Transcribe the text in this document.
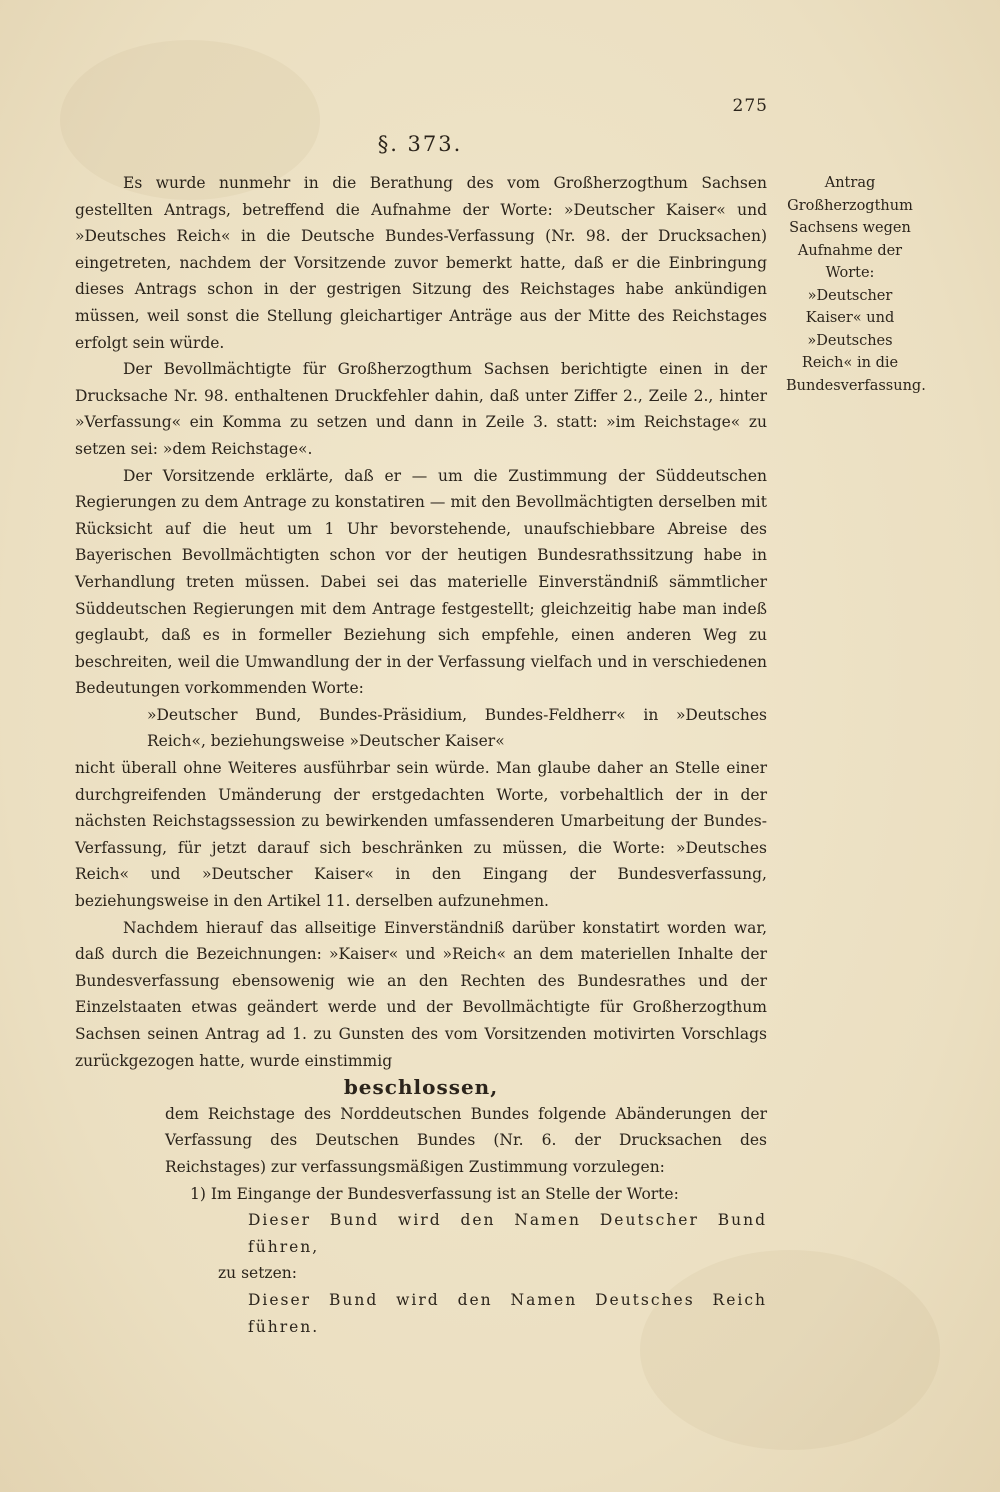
275
§. 373.
Antrag Großherzogthum Sachsens wegen Aufnahme der Worte: »Deutscher Kaiser« und »Deutsches Reich« in die Bundesverfassung.

Es wurde nunmehr in die Berathung des vom Großherzogthum Sachsen gestellten Antrags, betreffend die Aufnahme der Worte: »Deutscher Kaiser« und »Deutsches Reich« in die Deutsche Bundes-Verfassung (Nr. 98. der Drucksachen) eingetreten, nachdem der Vorsitzende zuvor bemerkt hatte, daß er die Einbringung dieses Antrags schon in der gestrigen Sitzung des Reichstages habe ankündigen müssen, weil sonst die Stellung gleichartiger Anträge aus der Mitte des Reichstages erfolgt sein würde.

Der Bevollmächtigte für Großherzogthum Sachsen berichtigte einen in der Drucksache Nr. 98. enthaltenen Druckfehler dahin, daß unter Ziffer 2., Zeile 2., hinter »Verfassung« ein Komma zu setzen und dann in Zeile 3. statt: »im Reichstage« zu setzen sei: »dem Reichstage«.

Der Vorsitzende erklärte, daß er — um die Zustimmung der Süddeutschen Regierungen zu dem Antrage zu konstatiren — mit den Bevollmächtigten derselben mit Rücksicht auf die heut um 1 Uhr bevorstehende, unaufschiebbare Abreise des Bayerischen Bevollmächtigten schon vor der heutigen Bundesrathssitzung habe in Verhandlung treten müssen. Dabei sei das materielle Einverständniß sämmtlicher Süddeutschen Regierungen mit dem Antrage festgestellt; gleichzeitig habe man indeß geglaubt, daß es in formeller Beziehung sich empfehle, einen anderen Weg zu beschreiten, weil die Umwandlung der in der Verfassung vielfach und in verschiedenen Bedeutungen vorkommenden Worte:

»Deutscher Bund, Bundes-Präsidium, Bundes-Feldherr« in »Deutsches Reich«, beziehungsweise »Deutscher Kaiser«

nicht überall ohne Weiteres ausführbar sein würde. Man glaube daher an Stelle einer durchgreifenden Umänderung der erstgedachten Worte, vorbehaltlich der in der nächsten Reichstagssession zu bewirkenden umfassenderen Umarbeitung der Bundes-Verfassung, für jetzt darauf sich beschränken zu müssen, die Worte: »Deutsches Reich« und »Deutscher Kaiser« in den Eingang der Bundesverfassung, beziehungsweise in den Artikel 11. derselben aufzunehmen.

Nachdem hierauf das allseitige Einverständniß darüber konstatirt worden war, daß durch die Bezeichnungen: »Kaiser« und »Reich« an dem materiellen Inhalte der Bundesverfassung ebensowenig wie an den Rechten des Bundesrathes und der Einzelstaaten etwas geändert werde und der Bevollmächtigte für Großherzogthum Sachsen seinen Antrag ad 1. zu Gunsten des vom Vorsitzenden motivirten Vorschlags zurückgezogen hatte, wurde einstimmig

beschlossen,

dem Reichstage des Norddeutschen Bundes folgende Abänderungen der Verfassung des Deutschen Bundes (Nr. 6. der Drucksachen des Reichstages) zur verfassungsmäßigen Zustimmung vorzulegen:

1) Im Eingange der Bundesverfassung ist an Stelle der Worte:

Dieser Bund wird den Namen Deutscher Bund führen,

zu setzen:

Dieser Bund wird den Namen Deutsches Reich führen.
